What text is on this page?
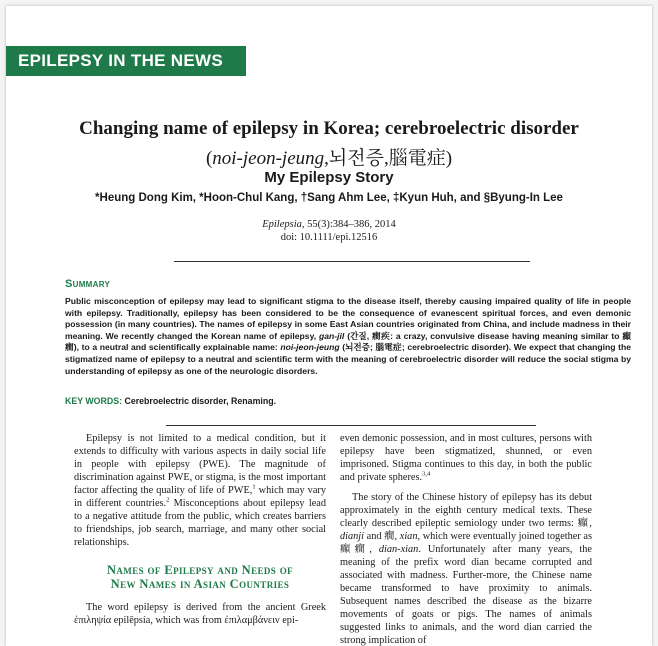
EPILEPSY IN THE NEWS
Changing name of epilepsy in Korea; cerebroelectric disorder
(noi-jeon-jeung,뇌전증,腦電症)
My Epilepsy Story
*Heung Dong Kim, *Hoon-Chul Kang, †Sang Ahm Lee, ‡Kyun Huh, and §Byung-In Lee
Epilepsia, 55(3):384–386, 2014
doi: 10.1111/epi.12516
Summary
Public misconception of epilepsy may lead to significant stigma to the disease itself, thereby causing impaired quality of life in people with epilepsy. Traditionally, epilepsy has been considered to be the consequence of evanescent spiritual forces, and even demonic possession (in many countries). The names of epilepsy in some East Asian countries originated from China, and include madness in their meaning. We recently changed the Korean name of epilepsy, gan-jil (간질, 癎疾: a crazy, convulsive disease having meaning similar to 癲癎), to a neutral and scientifically explainable name: noi-jeon-jeung (뇌전증; 腦電症; cerebroelectric disorder). We expect that changing the stigmatized name of epilepsy to a neutral and scientific term with the meaning of cerebroelectric disorder will reduce the social stigma by understanding of epilepsy as one of the neurologic disorders.
KEY WORDS: Cerebroelectric disorder, Renaming.

Epilepsy is not limited to a medical condition, but it extends to difficulty with various aspects in daily social life in people with epilepsy (PWE). The magnitude of discrimination against PWE, or stigma, is the most important factor affecting the quality of life of PWE,$^1$ which may vary in different countries.$^2$ Misconceptions about epilepsy lead to a negative attitude from the public, which creates barriers to friendships, job search, marriage, and many other social relationships.

Names of Epilepsy and Needs of
New Names in Asian Countries

The word epilepsy is derived from the ancient Greek ἐπιληψία epilēpsía, which was from ἐπιλαμβάνειν epi-

even demonic possession, and in most cultures, persons with epilepsy have been stigmatized, shunned, or even imprisoned. Stigma continues to this day, in both the public and private spheres.$^{3,4}$

The story of the Chinese history of epilepsy has its debut approximately in the eighth century medical texts. These clearly described epileptic semiology under two terms: 癲, dianji and 癇, xian, which were eventually joined together as 癲癇, dian-xian. Unfortunately after many years, the meaning of the prefix word dian became corrupted and associated with madness. Further-more, the Chinese name became transformed to have proximity to animals. Subsequent names described the disease as the bizarre movements of goats or pigs. The names of animals suggested links to animals, and the word dian carried the strong implication of
